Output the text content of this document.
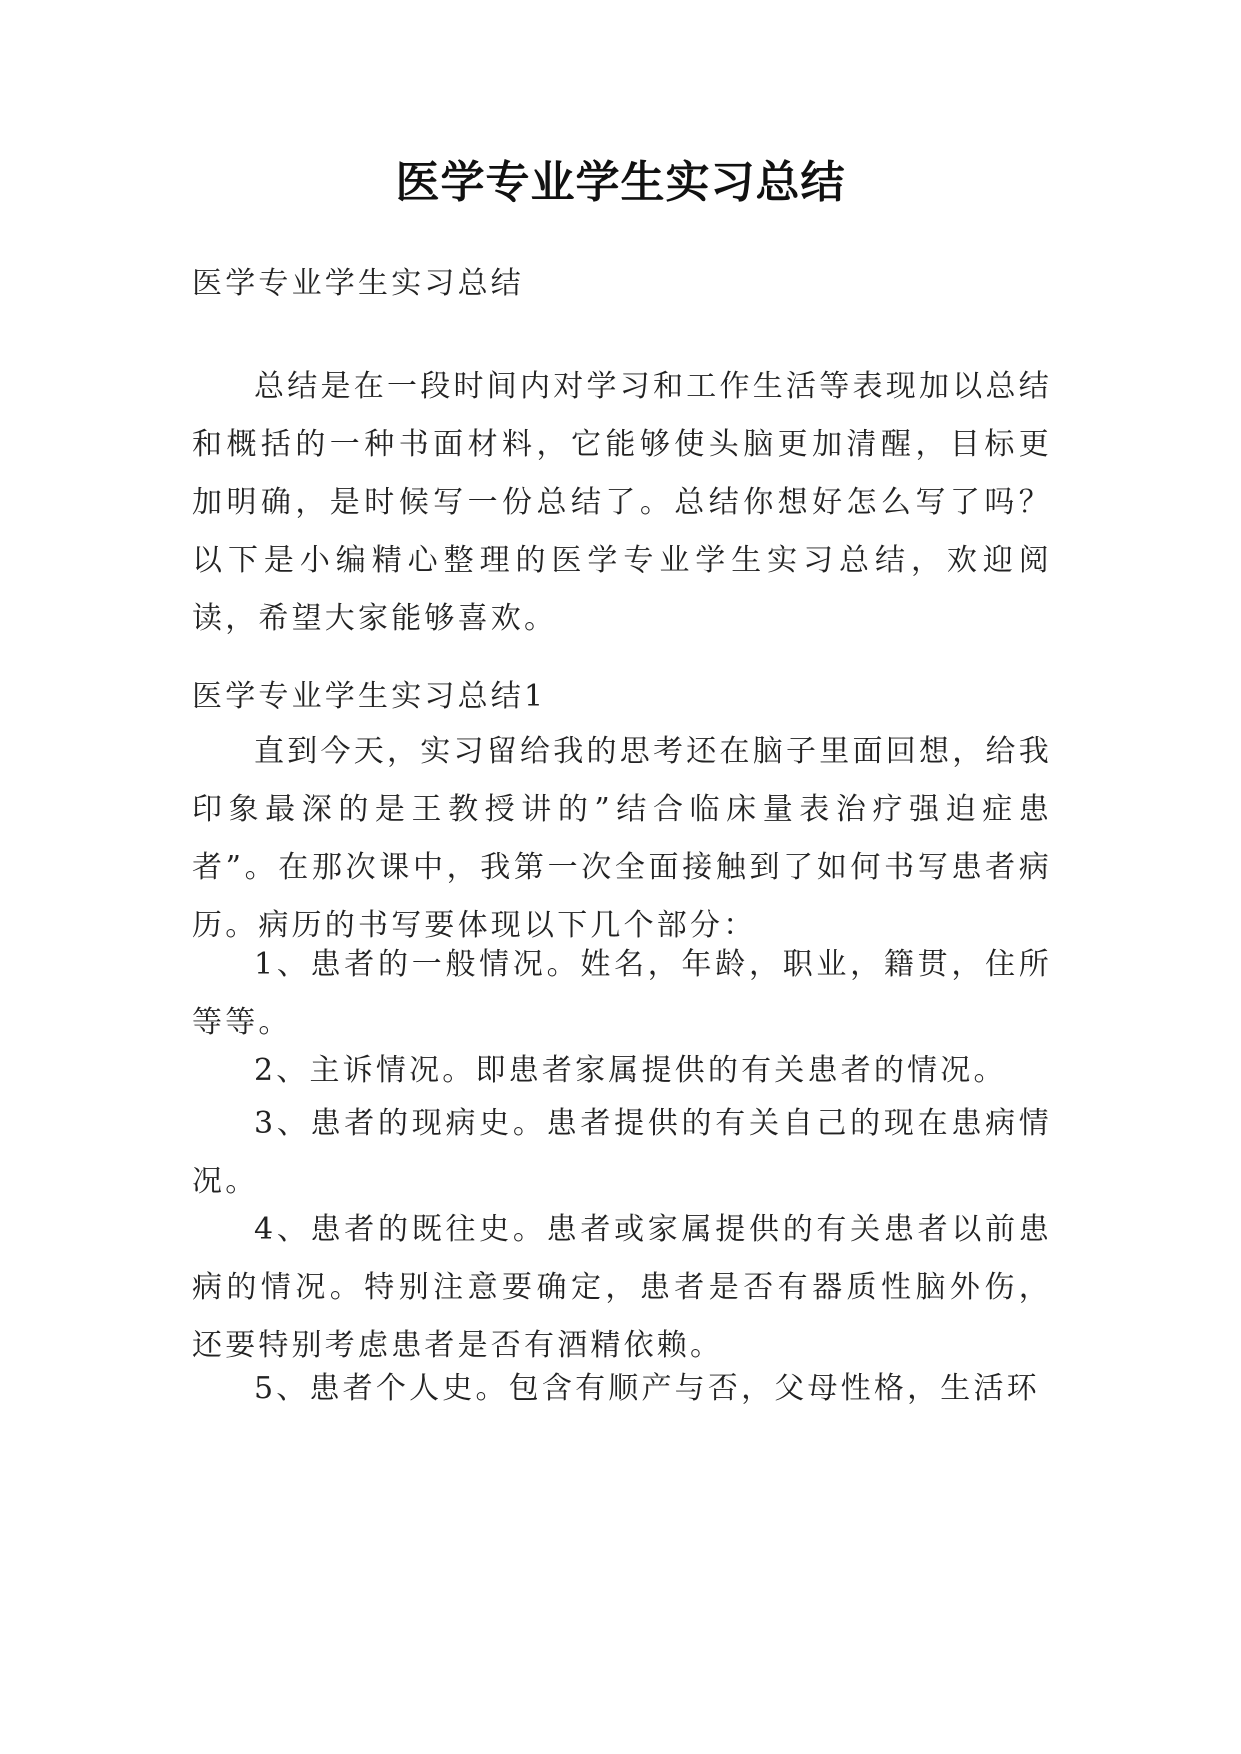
医学专业学生实习总结

医学专业学生实习总结

总结是在一段时间内对学习和工作生活等表现加以总结和概括的一种书面材料，它能够使头脑更加清醒，目标更加明确，是时候写一份总结了。总结你想好怎么写了吗？以下是小编精心整理的医学专业学生实习总结，欢迎阅读，希望大家能够喜欢。

医学专业学生实习总结1

直到今天，实习留给我的思考还在脑子里面回想，给我印象最深的是王教授讲的”结合临床量表治疗强迫症患者”。在那次课中，我第一次全面接触到了如何书写患者病历。病历的书写要体现以下几个部分：

1、患者的一般情况。姓名，年龄，职业，籍贯，住所等等。

2、主诉情况。即患者家属提供的有关患者的情况。

3、患者的现病史。患者提供的有关自己的现在患病情况。

4、患者的既往史。患者或家属提供的有关患者以前患病的情况。特别注意要确定，患者是否有器质性脑外伤，还要特别考虑患者是否有酒精依赖。

5、患者个人史。包含有顺产与否，父母性格，生活环
